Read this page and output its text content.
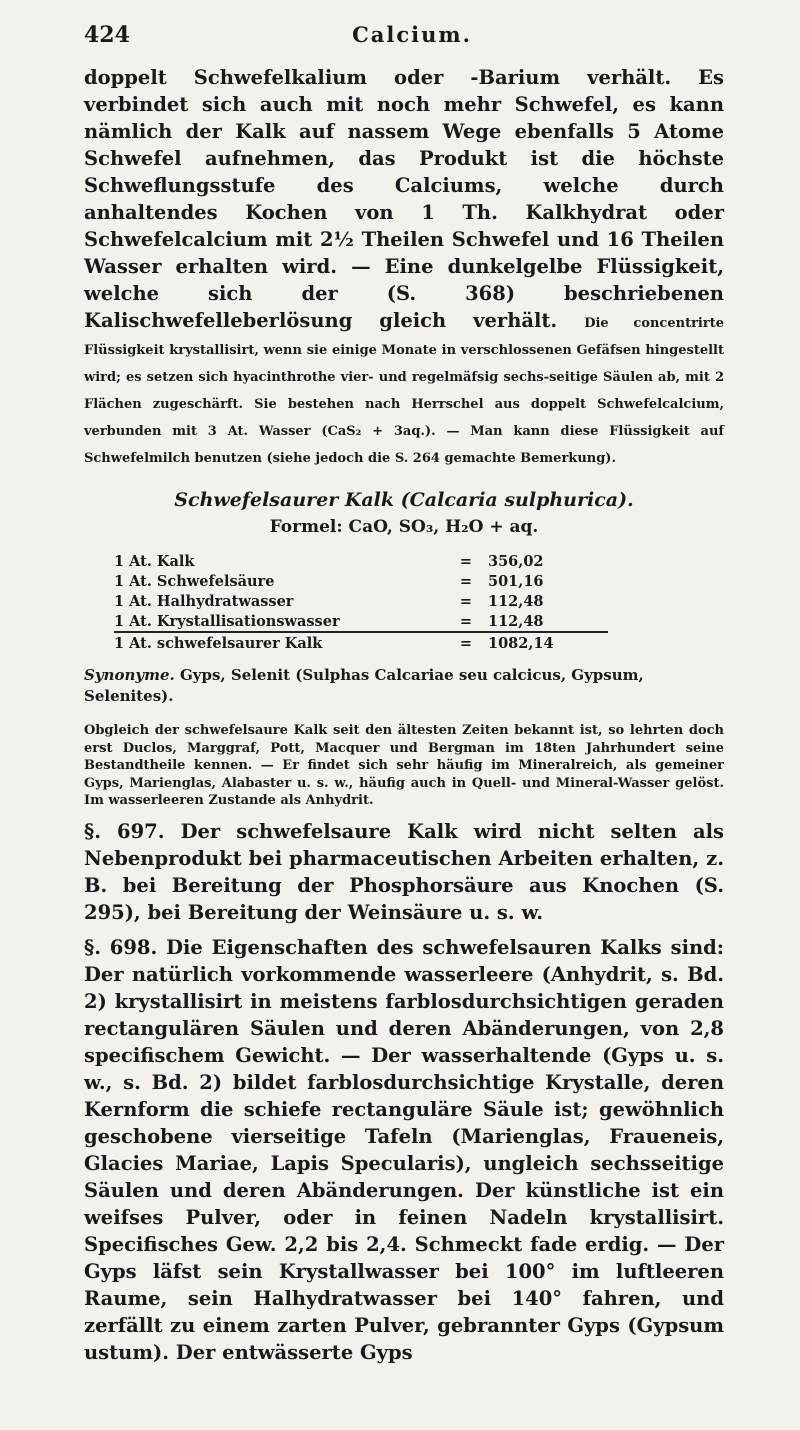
424	Calcium.

doppelt Schwefelkalium oder -Barium verhält. Es verbindet sich auch mit noch mehr Schwefel, es kann nämlich der Kalk auf nassem Wege ebenfalls 5 Atome Schwefel aufnehmen, das Produkt ist die höchste Schweflungsstufe des Calciums, welche durch anhaltendes Kochen von 1 Th. Kalkhydrat oder Schwefelcalcium mit 2½ Theilen Schwefel und 16 Theilen Wasser erhalten wird. — Eine dunkelgelbe Flüssigkeit, welche sich der (S. 368) beschriebenen Kalischwefelleberlösung gleich verhält. Die concentrirte Flüssigkeit krystallisirt, wenn sie einige Monate in verschlossenen Gefäfsen hingestellt wird; es setzen sich hyacinthrothe vier- und regelmäfsig sechs-seitige Säulen ab, mit 2 Flächen zugeschärft. Sie bestehen nach Herrschel aus doppelt Schwefelcalcium, verbunden mit 3 At. Wasser (CaS₂ + 3aq.). — Man kann diese Flüssigkeit auf Schwefelmilch benutzen (siehe jedoch die S. 264 gemachte Bemerkung).

Schwefelsaurer Kalk (Calcaria sulphurica).
Formel: CaO, SO₃, H₂O + aq.
1 At. Kalk	=	356,02
1 At. Schwefelsäure	=	501,16
1 At. Halhydratwasser	=	112,48
1 At. Krystallisationswasser	=	112,48
1 At. schwefelsaurer Kalk	=	1082,14

Synonyme. Gyps, Selenit (Sulphas Calcariae seu calcicus, Gypsum, Selenites).

Obgleich der schwefelsaure Kalk seit den ältesten Zeiten bekannt ist, so lehrten doch erst Duclos, Marggraf, Pott, Macquer und Bergman im 18ten Jahrhundert seine Bestandtheile kennen. — Er findet sich sehr häufig im Mineralreich, als gemeiner Gyps, Marienglas, Alabaster u. s. w., häufig auch in Quell- und Mineral-Wasser gelöst. Im wasserleeren Zustande als Anhydrit.

§. 697. Der schwefelsaure Kalk wird nicht selten als Nebenprodukt bei pharmaceutischen Arbeiten erhalten, z. B. bei Bereitung der Phosphorsäure aus Knochen (S. 295), bei Bereitung der Weinsäure u. s. w.

§. 698. Die Eigenschaften des schwefelsauren Kalks sind: Der natürlich vorkommende wasserleere (Anhydrit, s. Bd. 2) krystallisirt in meistens farblosdurchsichtigen geraden rectangulären Säulen und deren Abänderungen, von 2,8 specifischem Gewicht. — Der wasserhaltende (Gyps u. s. w., s. Bd. 2) bildet farblosdurchsichtige Krystalle, deren Kernform die schiefe rectanguläre Säule ist; gewöhnlich geschobene vierseitige Tafeln (Marienglas, Fraueneis, Glacies Mariae, Lapis Specularis), ungleich sechsseitige Säulen und deren Abänderungen. Der künstliche ist ein weifses Pulver, oder in feinen Nadeln krystallisirt. Specifisches Gew. 2,2 bis 2,4. Schmeckt fade erdig. — Der Gyps läfst sein Krystallwasser bei 100° im luftleeren Raume, sein Halhydratwasser bei 140° fahren, und zerfällt zu einem zarten Pulver, gebrannter Gyps (Gypsum ustum). Der entwässerte Gyps
